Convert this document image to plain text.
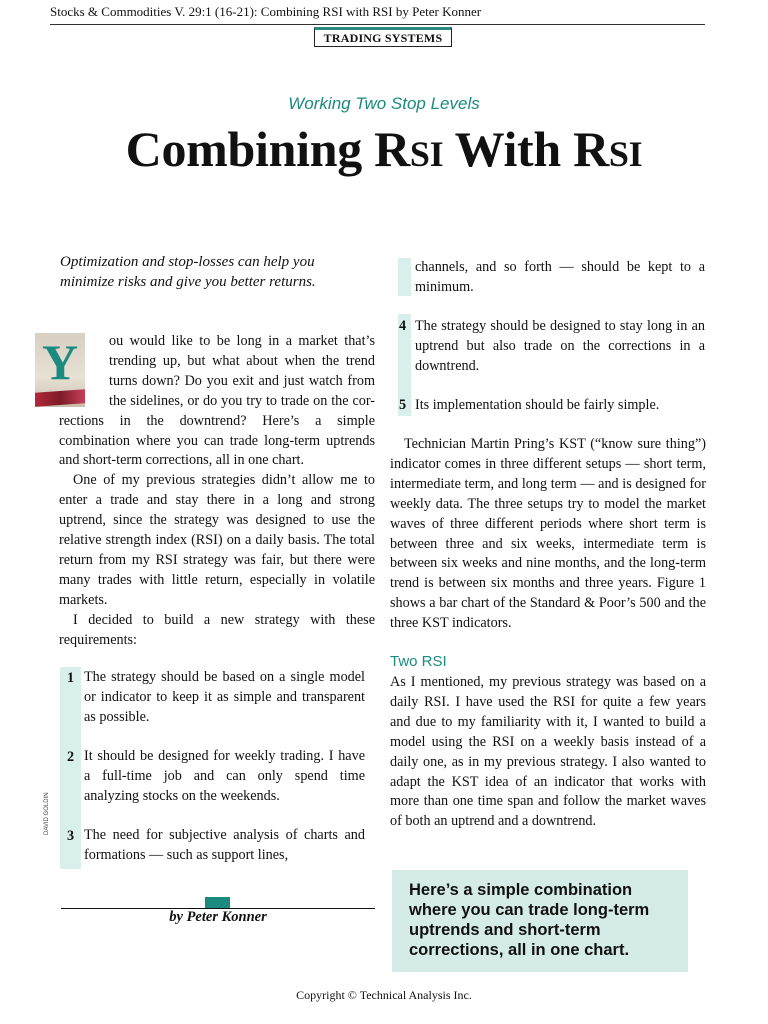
Stocks & Commodities V. 29:1 (16-21): Combining RSI with RSI by Peter Konner
TRADING SYSTEMS
Working Two Stop Levels
Combining RSI With RSI
Optimization and stop-losses can help you
minimize risks and give you better returns.
Y	ou would like to be long in a market that’s
trending up, but what about when the trend
turns down? Do you exit and just watch from
the sidelines, or do you try to trade on the cor-
rections in the downtrend? Here’s a simple combination where you can trade long-term uptrends and short-term corrections, all in one chart.
One of my previous strategies didn’t allow me to enter a trade and stay there in a long and strong uptrend, since the strategy was designed to use the relative strength index (RSI) on a daily basis. The total return from my RSI strategy was fair, but there were many trades with little return, especially in volatile markets.
I decided to build a new strategy with these requirements:
1 The strategy should be based on a single model or indicator to keep it as simple and transparent as possible.
2 It should be designed for weekly trading. I have a full-time job and can only spend time analyzing stocks on the weekends.
3 The need for subjective analysis of charts and formations — such as support lines,
DAVID GOLDIN
by Peter Konner
channels, and so forth — should be kept to a minimum.
4 The strategy should be designed to stay long in an uptrend but also trade on the corrections in a downtrend.
5 Its implementation should be fairly simple.
Technician Martin Pring’s KST (“know sure thing”) indicator comes in three different setups — short term, intermediate term, and long term — and is designed for weekly data. The three setups try to model the market waves of three different periods where short term is between three and six weeks, intermediate term is between six weeks and nine months, and the long-term trend is between six months and three years. Figure 1 shows a bar chart of the Standard & Poor’s 500 and the three KST indicators.
Two RSI
As I mentioned, my previous strategy was based on a daily RSI. I have used the RSI for quite a few years and due to my familiarity with it, I wanted to build a model using the RSI on a weekly basis instead of a daily one, as in my previous strategy. I also wanted to adapt the KST idea of an indicator that works with more than one time span and follow the market waves of both an uptrend and a downtrend.
Here’s a simple combination where you can trade long-term uptrends and short-term corrections, all in one chart.
Copyright © Technical Analysis Inc.
